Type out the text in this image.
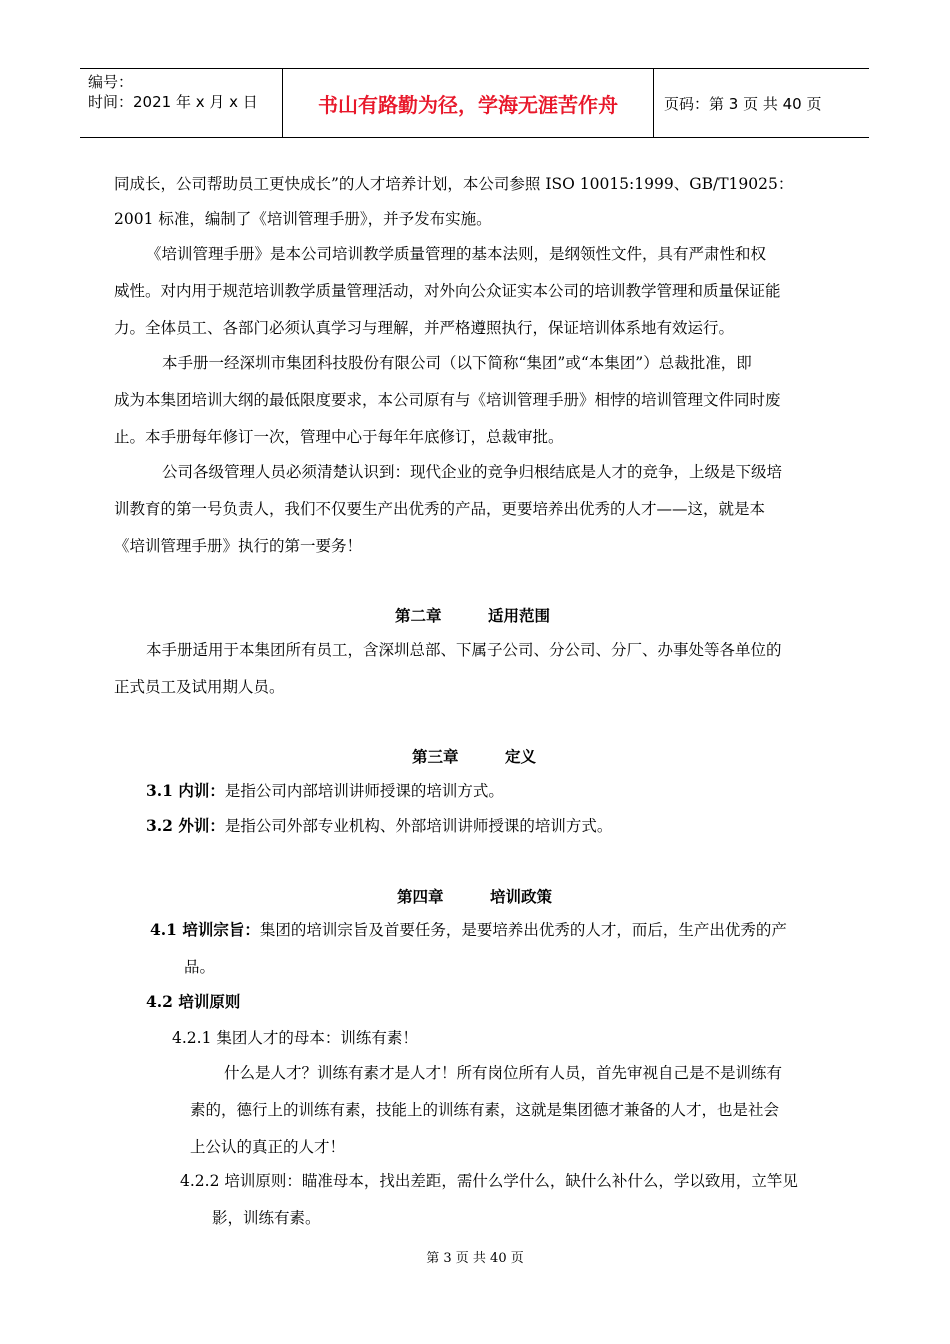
编号：
时间：2021 年 x 月 x 日	书山有路勤为径，学海无涯苦作舟	页码：第 3 页 共 40 页
同成长，公司帮助员工更快成长”的人才培养计划，本公司参照 ISO 10015:1999、GB/T19025：
2001 标准，编制了《培训管理手册》，并予发布实施。
《培训管理手册》是本公司培训教学质量管理的基本法则，是纲领性文件，具有严肃性和权
威性。对内用于规范培训教学质量管理活动，对外向公众证实本公司的培训教学管理和质量保证能
力。全体员工、各部门必须认真学习与理解，并严格遵照执行，保证培训体系地有效运行。
本手册一经深圳市集团科技股份有限公司（以下简称“集团”或“本集团”）总裁批准，即
成为本集团培训大纲的最低限度要求，本公司原有与《培训管理手册》相悖的培训管理文件同时废
止。本手册每年修订一次，管理中心于每年年底修订，总裁审批。
公司各级管理人员必须清楚认识到：现代企业的竞争归根结底是人才的竞争，上级是下级培
训教育的第一号负责人，我们不仅要生产出优秀的产品，更要培养出优秀的人才——这，就是本
《培训管理手册》执行的第一要务！
第二章　　　适用范围
本手册适用于本集团所有员工，含深圳总部、下属子公司、分公司、分厂、办事处等各单位的
正式员工及试用期人员。
第三章　　　定义
3.1 内训：是指公司内部培训讲师授课的培训方式。
3.2 外训：是指公司外部专业机构、外部培训讲师授课的培训方式。
第四章　　　培训政策
4.1 培训宗旨：集团的培训宗旨及首要任务，是要培养出优秀的人才，而后，生产出优秀的产
品。
4.2 培训原则
4.2.1 集团人才的母本：训练有素！
什么是人才？训练有素才是人才！所有岗位所有人员，首先审视自己是不是训练有
素的，德行上的训练有素，技能上的训练有素，这就是集团德才兼备的人才，也是社会
上公认的真正的人才！
4.2.2 培训原则：瞄准母本，找出差距，需什么学什么，缺什么补什么，学以致用，立竿见
影，训练有素。
第 3 页 共 40 页
